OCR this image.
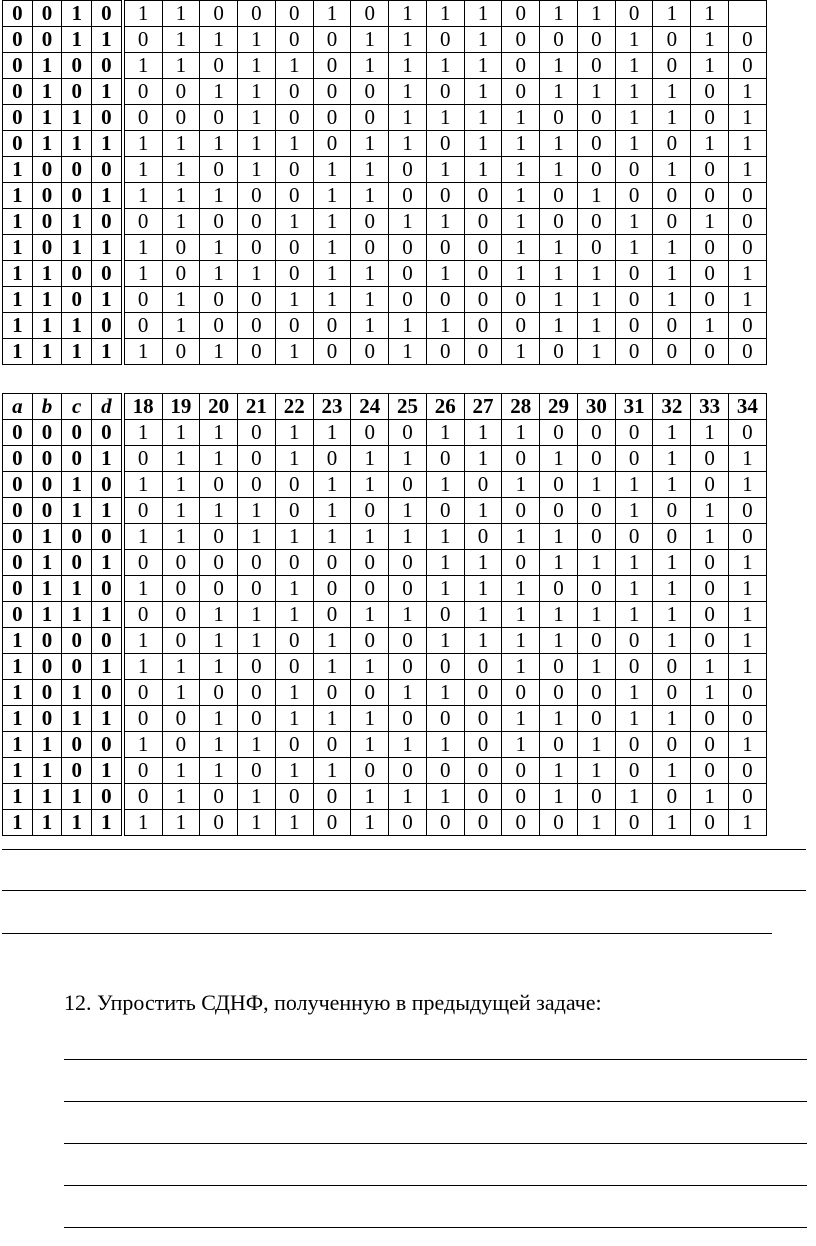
0	0	1	0	1	1	0	0	0	1	0	1	1	1	0	1	1	0	1	1	
0	0	1	1	0	1	1	1	0	0	1	1	0	1	0	0	0	1	0	1	0
0	1	0	0	1	1	0	1	1	0	1	1	1	1	0	1	0	1	0	1	0
0	1	0	1	0	0	1	1	0	0	0	1	0	1	0	1	1	1	1	0	1
0	1	1	0	0	0	0	1	0	0	0	1	1	1	1	0	0	1	1	0	1
0	1	1	1	1	1	1	1	1	0	1	1	0	1	1	1	0	1	0	1	1
1	0	0	0	1	1	0	1	0	1	1	0	1	1	1	1	0	0	1	0	1
1	0	0	1	1	1	1	0	0	1	1	0	0	0	1	0	1	0	0	0	0
1	0	1	0	0	1	0	0	1	1	0	1	1	0	1	0	0	1	0	1	0
1	0	1	1	1	0	1	0	0	1	0	0	0	0	1	1	0	1	1	0	0
1	1	0	0	1	0	1	1	0	1	1	0	1	0	1	1	1	0	1	0	1
1	1	0	1	0	1	0	0	1	1	1	0	0	0	0	1	1	0	1	0	1
1	1	1	0	0	1	0	0	0	0	1	1	1	0	0	1	1	0	0	1	0
1	1	1	1	1	0	1	0	1	0	0	1	0	0	1	0	1	0	0	0	0
a	b	c	d	18	19	20	21	22	23	24	25	26	27	28	29	30	31	32	33	34
0	0	0	0	1	1	1	0	1	1	0	0	1	1	1	0	0	0	1	1	0
0	0	0	1	0	1	1	0	1	0	1	1	0	1	0	1	0	0	1	0	1
0	0	1	0	1	1	0	0	0	1	1	0	1	0	1	0	1	1	1	0	1
0	0	1	1	0	1	1	1	0	1	0	1	0	1	0	0	0	1	0	1	0
0	1	0	0	1	1	0	1	1	1	1	1	1	0	1	1	0	0	0	1	0
0	1	0	1	0	0	0	0	0	0	0	0	1	1	0	1	1	1	1	0	1
0	1	1	0	1	0	0	0	1	0	0	0	1	1	1	0	0	1	1	0	1
0	1	1	1	0	0	1	1	1	0	1	1	0	1	1	1	1	1	1	0	1
1	0	0	0	1	0	1	1	0	1	0	0	1	1	1	1	0	0	1	0	1
1	0	0	1	1	1	1	0	0	1	1	0	0	0	1	0	1	0	0	1	1
1	0	1	0	0	1	0	0	1	0	0	1	1	0	0	0	0	1	0	1	0
1	0	1	1	0	0	1	0	1	1	1	0	0	0	1	1	0	1	1	0	0
1	1	0	0	1	0	1	1	0	0	1	1	1	0	1	0	1	0	0	0	1
1	1	0	1	0	1	1	0	1	1	0	0	0	0	0	1	1	0	1	0	0
1	1	1	0	0	1	0	1	0	0	1	1	1	0	0	1	0	1	0	1	0
1	1	1	1	1	1	0	1	1	0	1	0	0	0	0	0	1	0	1	0	1

12. Упростить СДНФ, полученную в предыдущей задаче:
